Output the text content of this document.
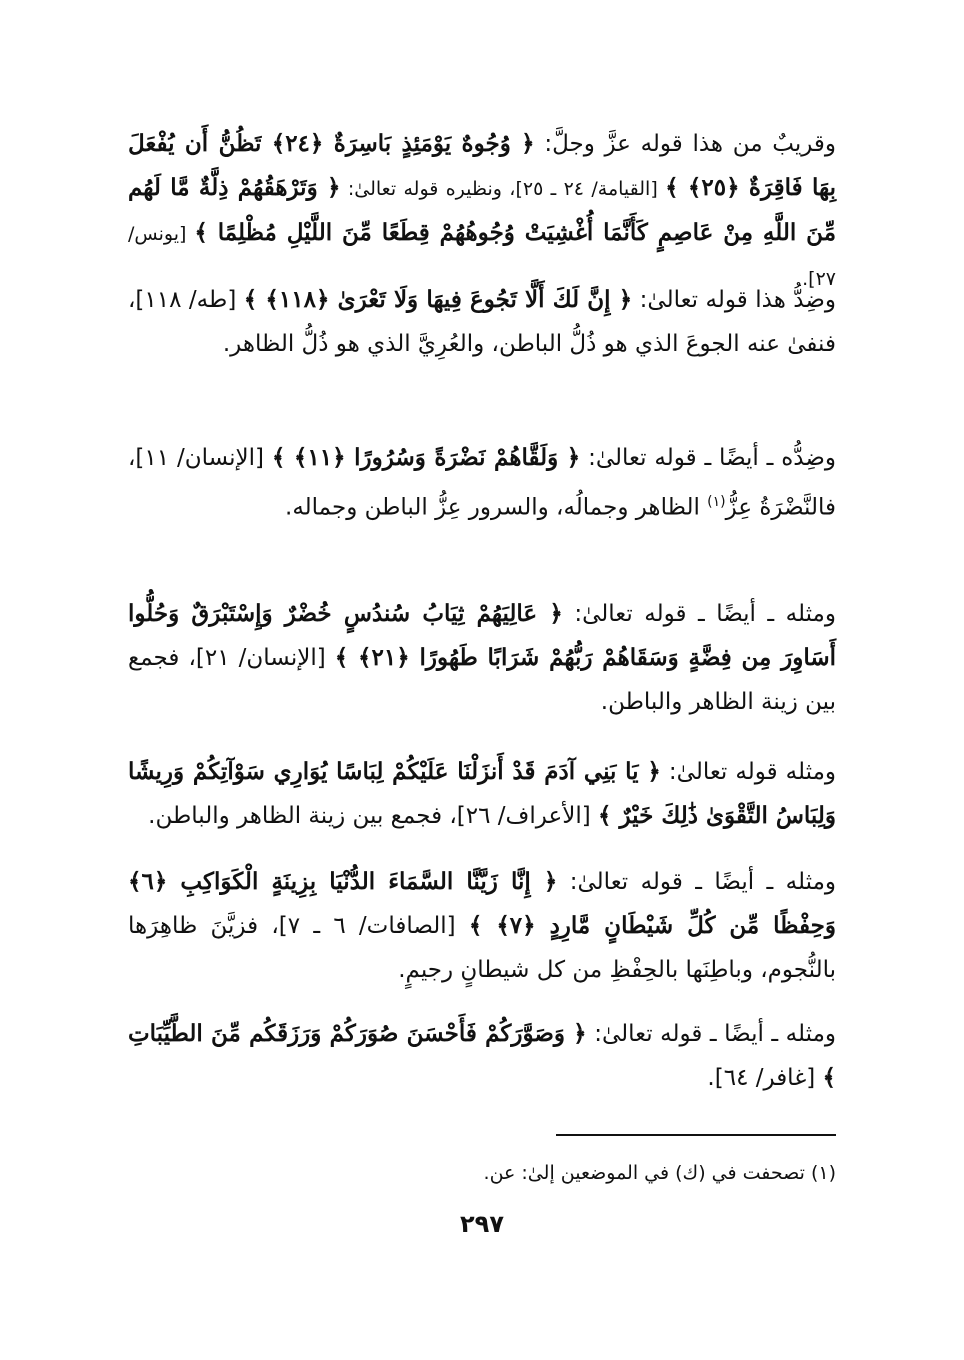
وقريبٌ من هذا قوله عزَّ وجلَّ: ﴿ وُجُوهٌ يَوْمَئِذٍ بَاسِرَةٌ ﴿٢٤﴾ تَظُنُّ أَن يُفْعَلَ بِهَا فَاقِرَةٌ ﴿٢٥﴾ ﴾ [القيامة/ ٢٤ ـ ٢٥]، ونظيره قوله تعالىٰ: ﴿ وَتَرْهَقُهُمْ ذِلَّةٌ مَّا لَهُم مِّنَ اللَّهِ مِنْ عَاصِمٍ كَأَنَّمَا أُغْشِيَتْ وُجُوهُهُمْ قِطَعًا مِّنَ اللَّيْلِ مُظْلِمًا ﴾ [يونس/ ٢٧].

وضِدُّ هذا قوله تعالىٰ: ﴿ إِنَّ لَكَ أَلَّا تَجُوعَ فِيهَا وَلَا تَعْرَىٰ ﴿١١٨﴾ ﴾ [طه/ ١١٨]، فنفىٰ عنه الجوعَ الذي هو ذُلُّ الباطن، والعُرِيَّ الذي هو ذُلُّ الظاهر.

وضِدُّه ـ أيضًا ـ قوله تعالىٰ: ﴿ وَلَقَّاهُمْ نَضْرَةً وَسُرُورًا ﴿١١﴾ ﴾ [الإنسان/ ١١]، فالنَّضْرَةُ عِزُّ$^{(١)}$ الظاهر وجمالُه، والسرور عِزُّ الباطن وجماله.

ومثله ـ أيضًا ـ قوله تعالىٰ: ﴿ عَالِيَهُمْ ثِيَابُ سُندُسٍ خُضْرٌ وَإِسْتَبْرَقٌ وَحُلُّوا أَسَاوِرَ مِن فِضَّةٍ وَسَقَاهُمْ رَبُّهُمْ شَرَابًا طَهُورًا ﴿٢١﴾ ﴾ [الإنسان/ ٢١]، فجمع بين زينة الظاهر والباطن.

ومثله قوله تعالىٰ: ﴿ يَا بَنِي آدَمَ قَدْ أَنزَلْنَا عَلَيْكُمْ لِبَاسًا يُوَارِي سَوْآتِكُمْ وَرِيشًا وَلِبَاسُ التَّقْوَىٰ ذَٰلِكَ خَيْرٌ ﴾ [الأعراف/ ٢٦]، فجمع بين زينة الظاهر والباطن.

ومثله ـ أيضًا ـ قوله تعالىٰ: ﴿ إِنَّا زَيَّنَّا السَّمَاءَ الدُّنْيَا بِزِينَةٍ الْكَوَاكِبِ ﴿٦﴾ وَحِفْظًا مِّن كُلِّ شَيْطَانٍ مَّارِدٍ ﴿٧﴾ ﴾ [الصافات/ ٦ ـ ٧]، فزيَّنَ ظاهِرَها بالنُّجوم، وباطِنَها بالحِفْظِ من كل شيطانٍ رجيمٍ.

ومثله ـ أيضًا ـ قوله تعالىٰ: ﴿ وَصَوَّرَكُمْ فَأَحْسَنَ صُوَرَكُمْ وَرَزَقَكُم مِّنَ الطَّيِّبَاتِ ﴾ [غافر/ ٦٤].

(١) تصحفت في (ك) في الموضعين إلىٰ: عن.

٢٩٧
